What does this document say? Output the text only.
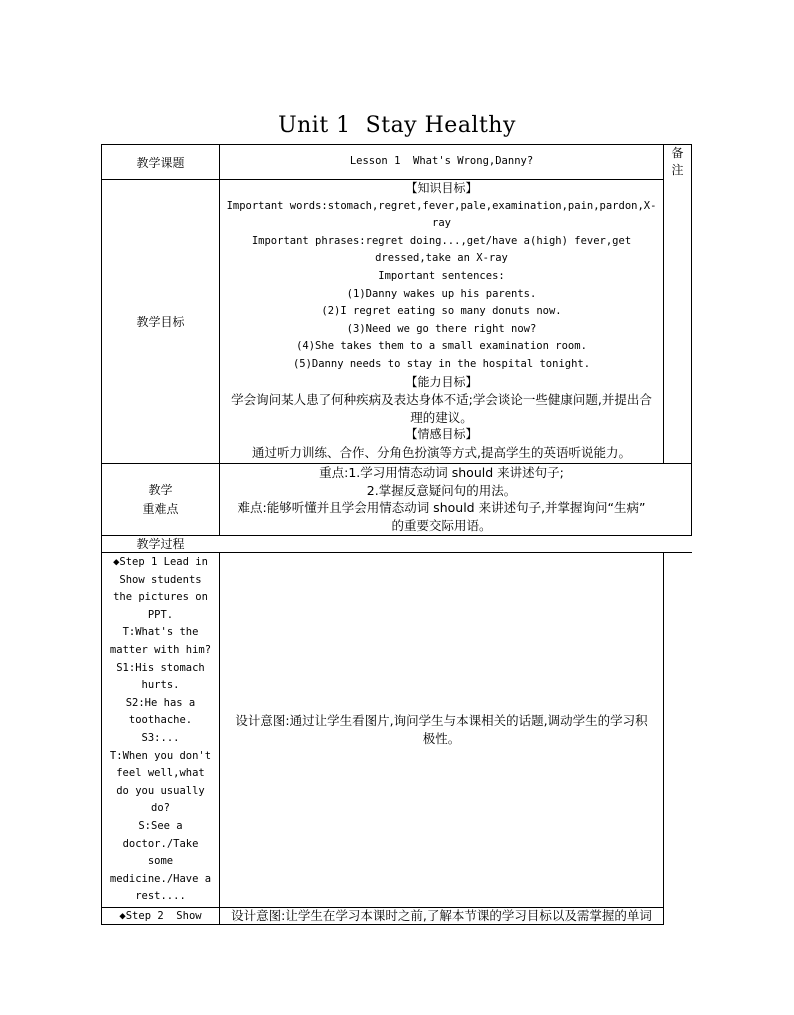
Unit 1  Stay Healthy
教学课题	Lesson 1  What's Wrong,Danny?
备注
教学目标
【知识目标】
Important words:stomach,regret,fever,pale,examination,pain,pardon,X-
ray
Important phrases:regret doing...,get/have a(high) fever,get
dressed,take an X-ray
Important sentences:
(1)Danny wakes up his parents.
(2)I regret eating so many donuts now.
(3)Need we go there right now?
(4)She takes them to a small examination room.
(5)Danny needs to stay in the hospital tonight.
【能力目标】
学会询问某人患了何种疾病及表达身体不适;学会谈论一些健康问题,并提出合
理的建议。
【情感目标】
通过听力训练、合作、分角色扮演等方式,提高学生的英语听说能力。
教学
重难点
重点:1.学习用情态动词 should 来讲述句子;
2.掌握反意疑问句的用法。
难点:能够听懂并且学会用情态动词 should 来讲述句子,并掌握询问“生病”
的重要交际用语。
教学过程
◆Step 1 Lead in
Show students
the pictures on
PPT.
T:What's the
matter with him?
S1:His stomach
hurts.
S2:He has a
toothache.
S3:...
T:When you don't
feel well,what
do you usually
do?
S:See a
doctor./Take
some
medicine./Have a
rest....
设计意图:通过让学生看图片,询问学生与本课相关的话题,调动学生的学习积
极性。
◆Step 2  Show	设计意图:让学生在学习本课时之前,了解本节课的学习目标以及需掌握的单词
